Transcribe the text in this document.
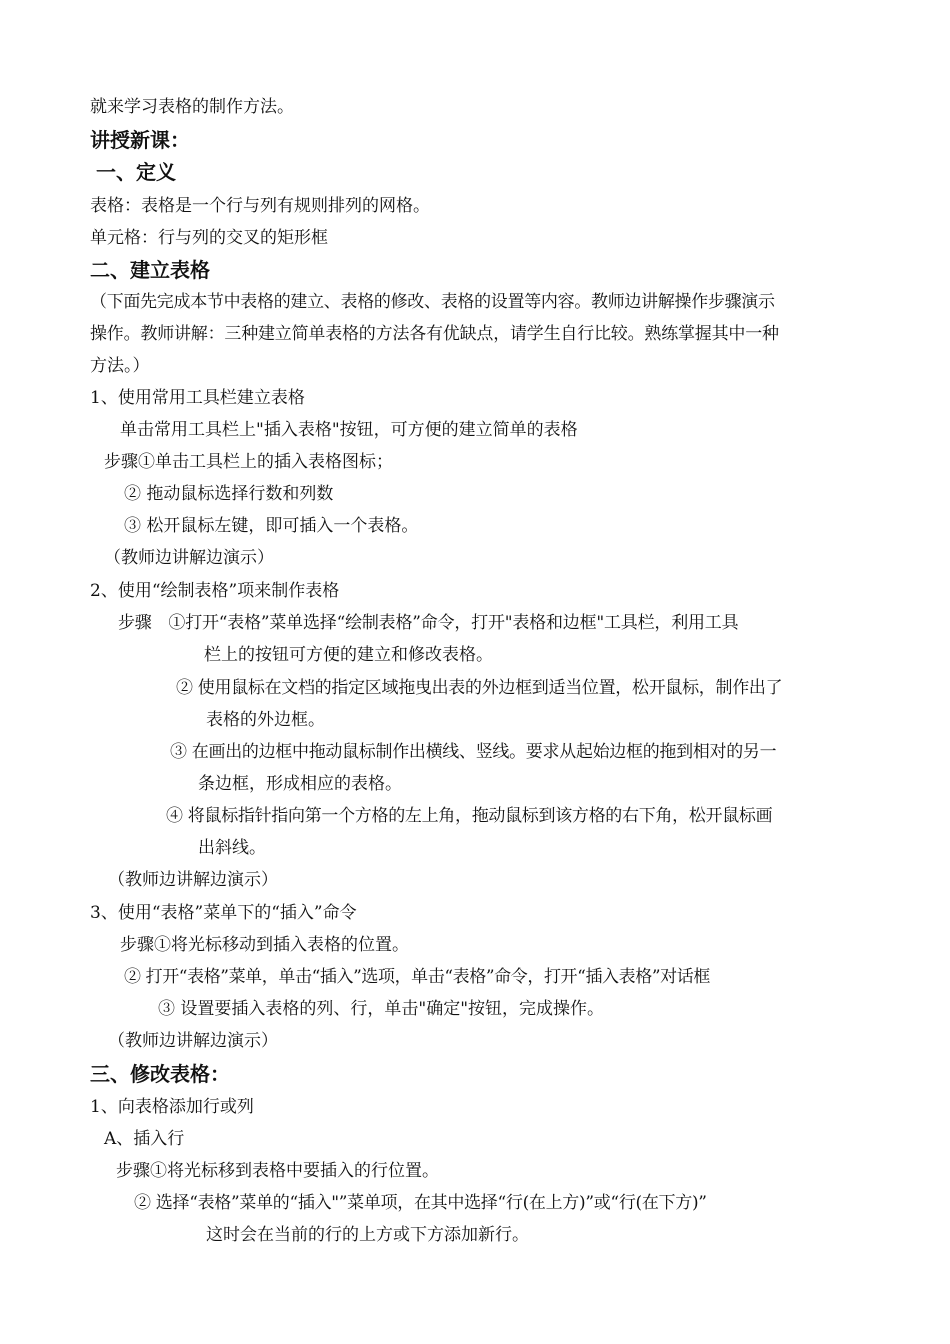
就来学习表格的制作方法。
讲授新课：
一、定义
表格：表格是一个行与列有规则排列的网格。
单元格：行与列的交叉的矩形框
二、建立表格
（下面先完成本节中表格的建立、表格的修改、表格的设置等内容。教师边讲解操作步骤演示
操作。教师讲解：三种建立简单表格的方法各有优缺点，请学生自行比较。熟练掌握其中一种
方法。）
1、使用常用工具栏建立表格
单击常用工具栏上"插入表格"按钮，可方便的建立简单的表格
步骤①单击工具栏上的插入表格图标；
② 拖动鼠标选择行数和列数
③ 松开鼠标左键，即可插入一个表格。
（教师边讲解边演示）
2、使用“绘制表格”项来制作表格
步骤　①打开“表格”菜单选择“绘制表格”命令，打开"表格和边框"工具栏，利用工具
栏上的按钮可方便的建立和修改表格。
② 使用鼠标在文档的指定区域拖曳出表的外边框到适当位置，松开鼠标，制作出了
表格的外边框。
③ 在画出的边框中拖动鼠标制作出横线、竖线。要求从起始边框的拖到相对的另一
条边框，形成相应的表格。
④ 将鼠标指针指向第一个方格的左上角，拖动鼠标到该方格的右下角，松开鼠标画
出斜线。
（教师边讲解边演示）
3、使用“表格”菜单下的“插入”命令
步骤①将光标移动到插入表格的位置。
② 打开“表格”菜单，单击“插入”选项，单击“表格”命令，打开“插入表格”对话框
③ 设置要插入表格的列、行，单击"确定"按钮，完成操作。
（教师边讲解边演示）
三、修改表格：
1、向表格添加行或列
A、插入行
步骤①将光标移到表格中要插入的行位置。
② 选择“表格”菜单的“插入"”菜单项，在其中选择“行(在上方)”或“行(在下方)”
这时会在当前的行的上方或下方添加新行。
